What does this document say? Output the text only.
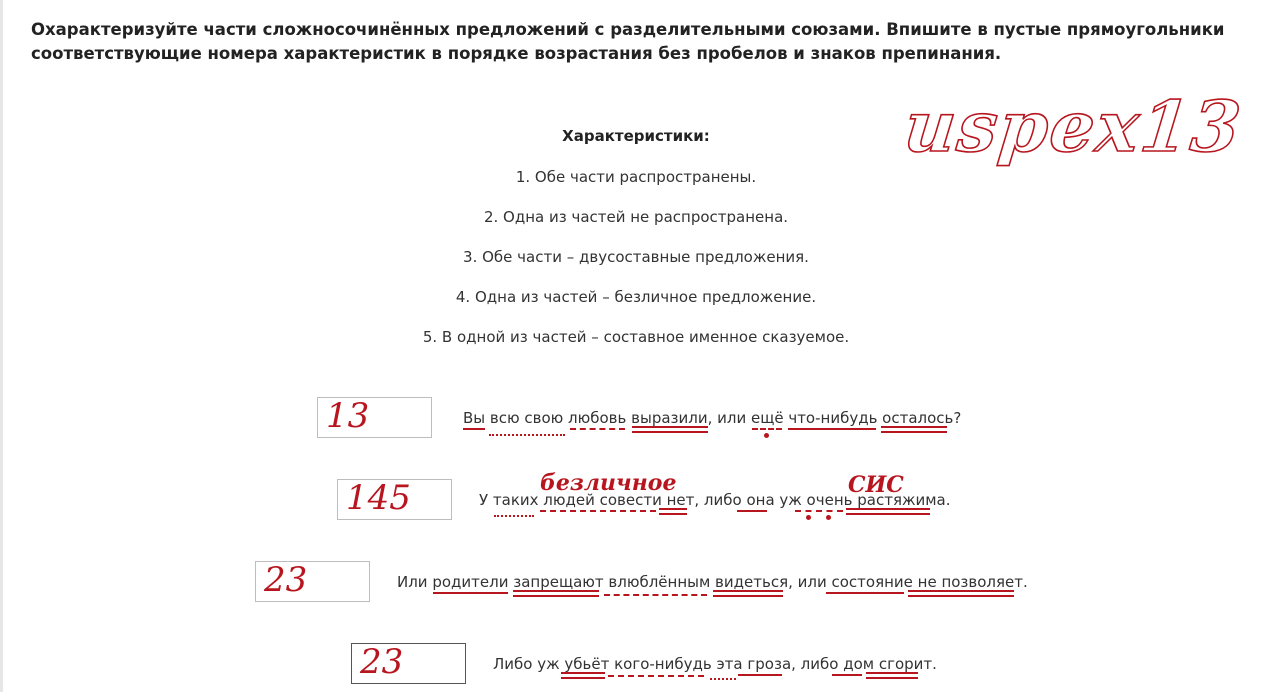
Охарактеризуйте части сложносочинённых предложений с разделительными союзами. Впишите в пустые прямоугольники соответствующие номера характеристик в порядке возрастания без пробелов и знаков препинания.
uspex13
Характеристики:
1. Обе части распространены.
2. Одна из частей не распространена.
3. Обе части – двусоставные предложения.
4. Одна из частей – безличное предложение.
5. В одной из частей – составное именное сказуемое.
13	Вы всю свою любовь выразили, или ещё что-нибудь осталось?
безличное	СИС
145	У таких людей совести нет, либо она уж очень растяжима.
23	Или родители запрещают влюблённым видеться, или состояние не позволяет.
23	Либо уж убьёт кого-нибудь эта гроза, либо дом сгорит.
